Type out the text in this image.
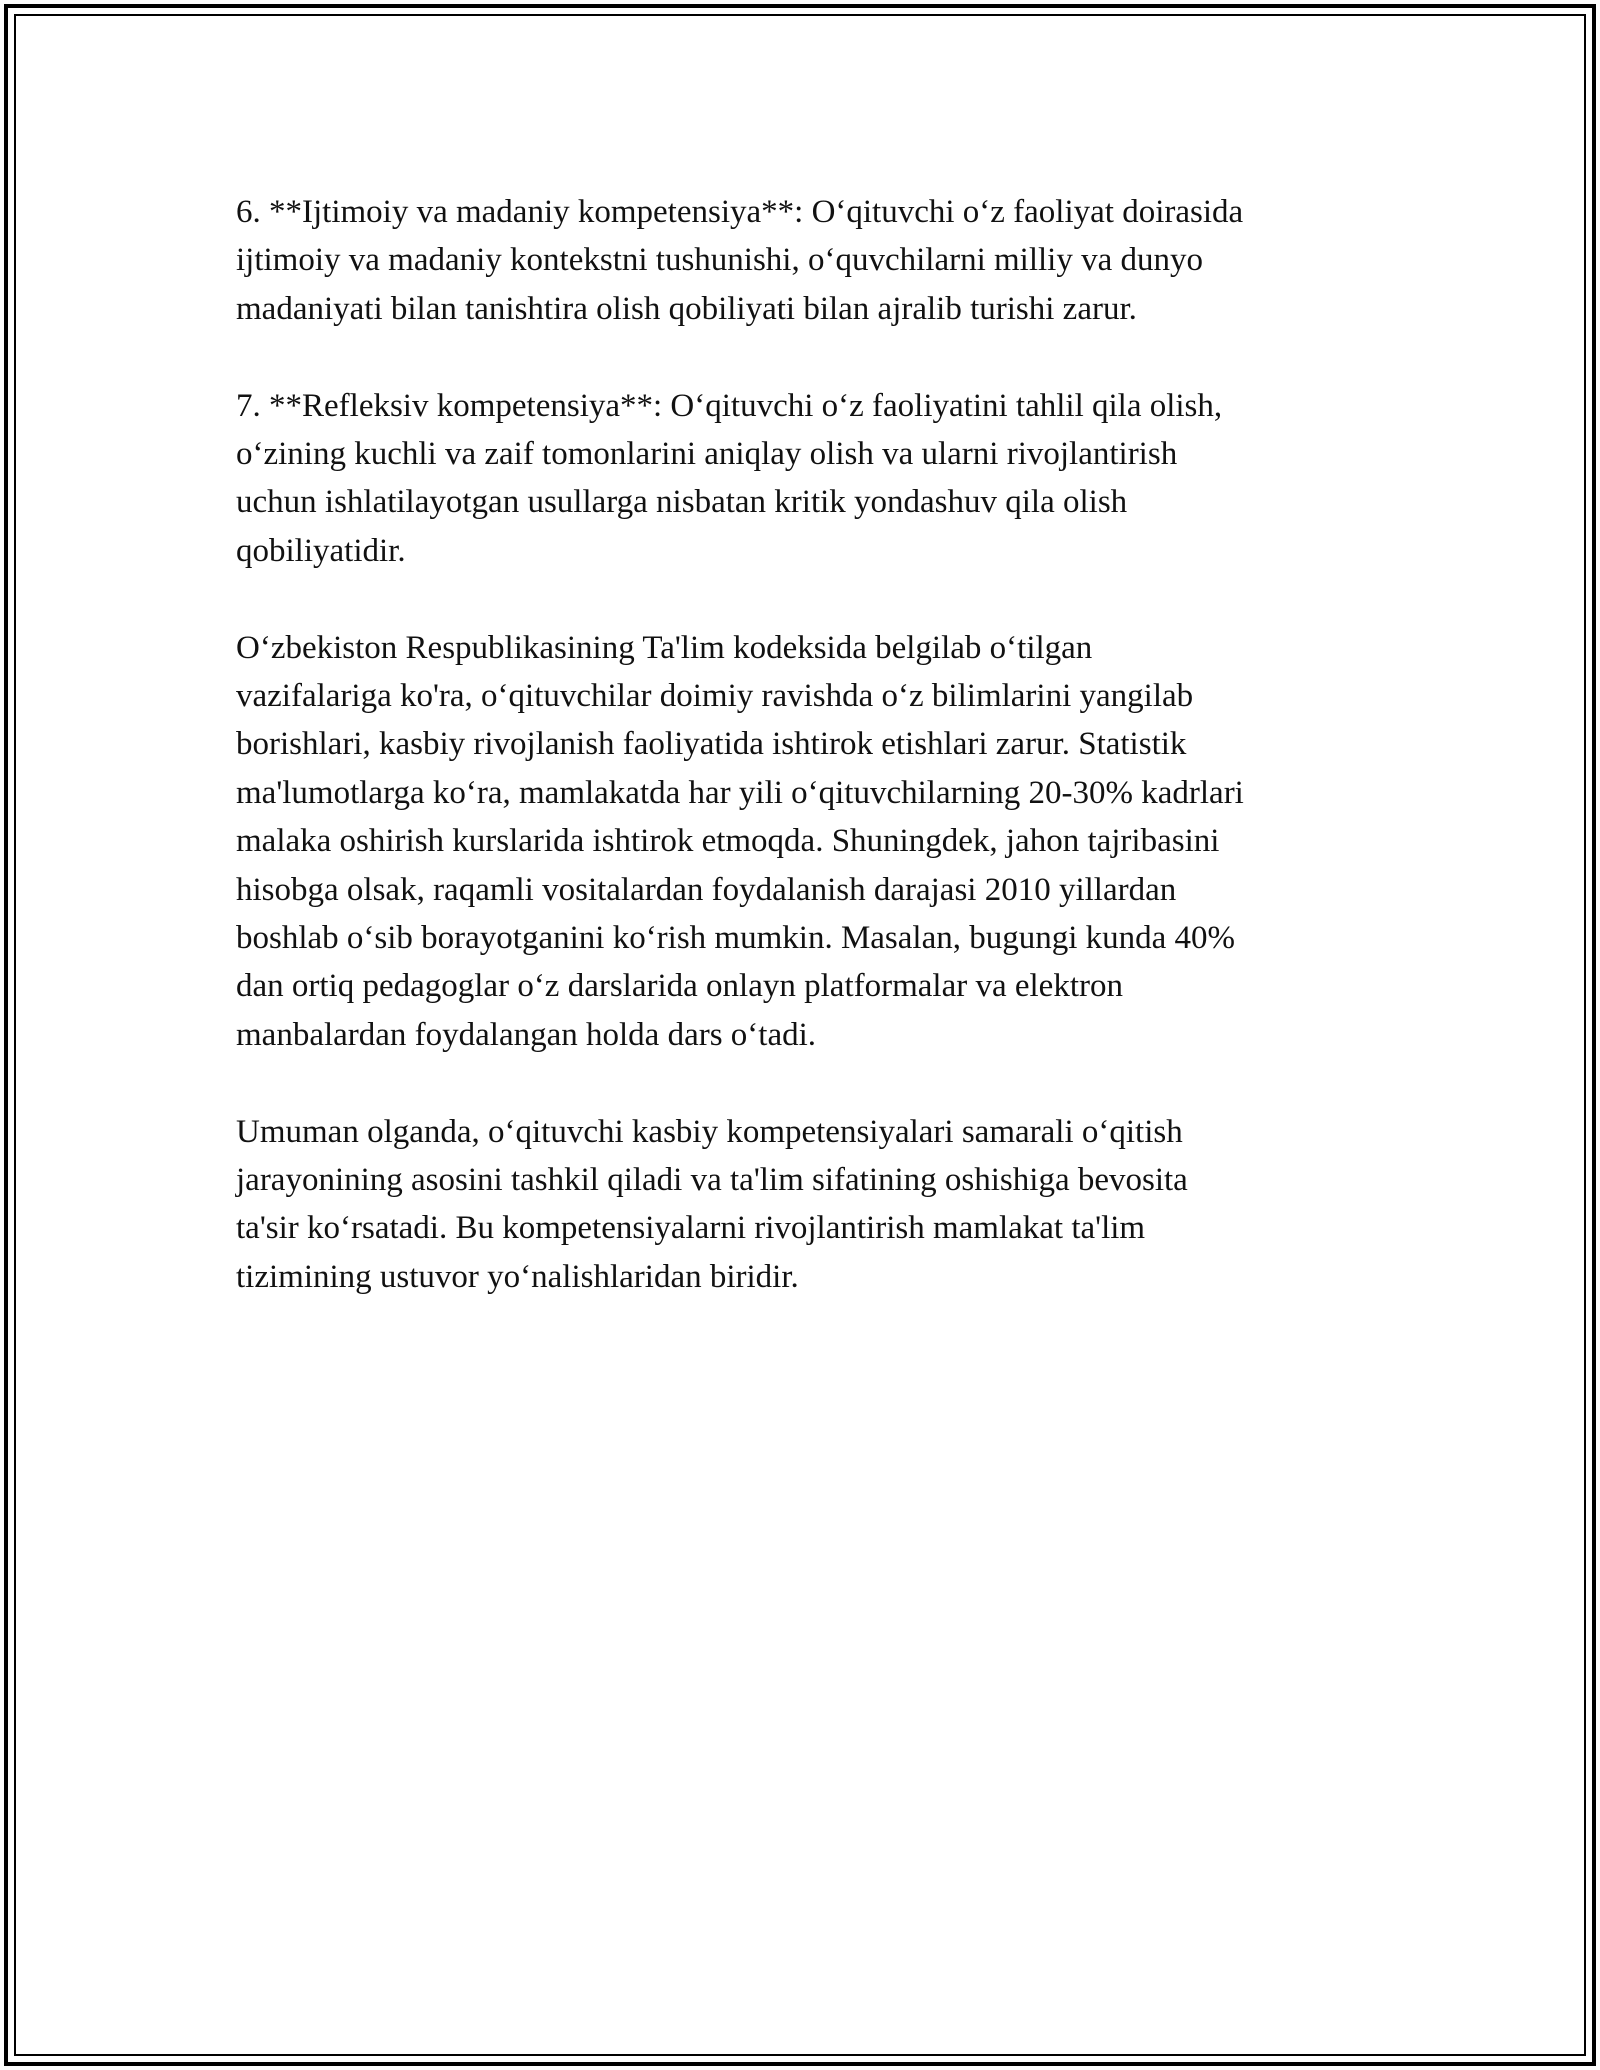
6. **Ijtimoiy va madaniy kompetensiya**: O‘qituvchi o‘z faoliyat doirasida
ijtimoiy va madaniy kontekstni tushunishi, o‘quvchilarni milliy va dunyo
madaniyati bilan tanishtira olish qobiliyati bilan ajralib turishi zarur.

7. **Refleksiv kompetensiya**: O‘qituvchi o‘z faoliyatini tahlil qila olish,
o‘zining kuchli va zaif tomonlarini aniqlay olish va ularni rivojlantirish
uchun ishlatilayotgan usullarga nisbatan kritik yondashuv qila olish
qobiliyatidir.

O‘zbekiston Respublikasining Ta'lim kodeksida belgilab o‘tilgan
vazifalariga ko'ra, o‘qituvchilar doimiy ravishda o‘z bilimlarini yangilab
borishlari, kasbiy rivojlanish faoliyatida ishtirok etishlari zarur. Statistik
ma'lumotlarga ko‘ra, mamlakatda har yili o‘qituvchilarning 20-30% kadrlari
malaka oshirish kurslarida ishtirok etmoqda. Shuningdek, jahon tajribasini
hisobga olsak, raqamli vositalardan foydalanish darajasi 2010 yillardan
boshlab o‘sib borayotganini ko‘rish mumkin. Masalan, bugungi kunda 40%
dan ortiq pedagoglar o‘z darslarida onlayn platformalar va elektron
manbalardan foydalangan holda dars o‘tadi.

Umuman olganda, o‘qituvchi kasbiy kompetensiyalari samarali o‘qitish
jarayonining asosini tashkil qiladi va ta'lim sifatining oshishiga bevosita
ta'sir ko‘rsatadi. Bu kompetensiyalarni rivojlantirish mamlakat ta'lim
tizimining ustuvor yo‘nalishlaridan biridir.
